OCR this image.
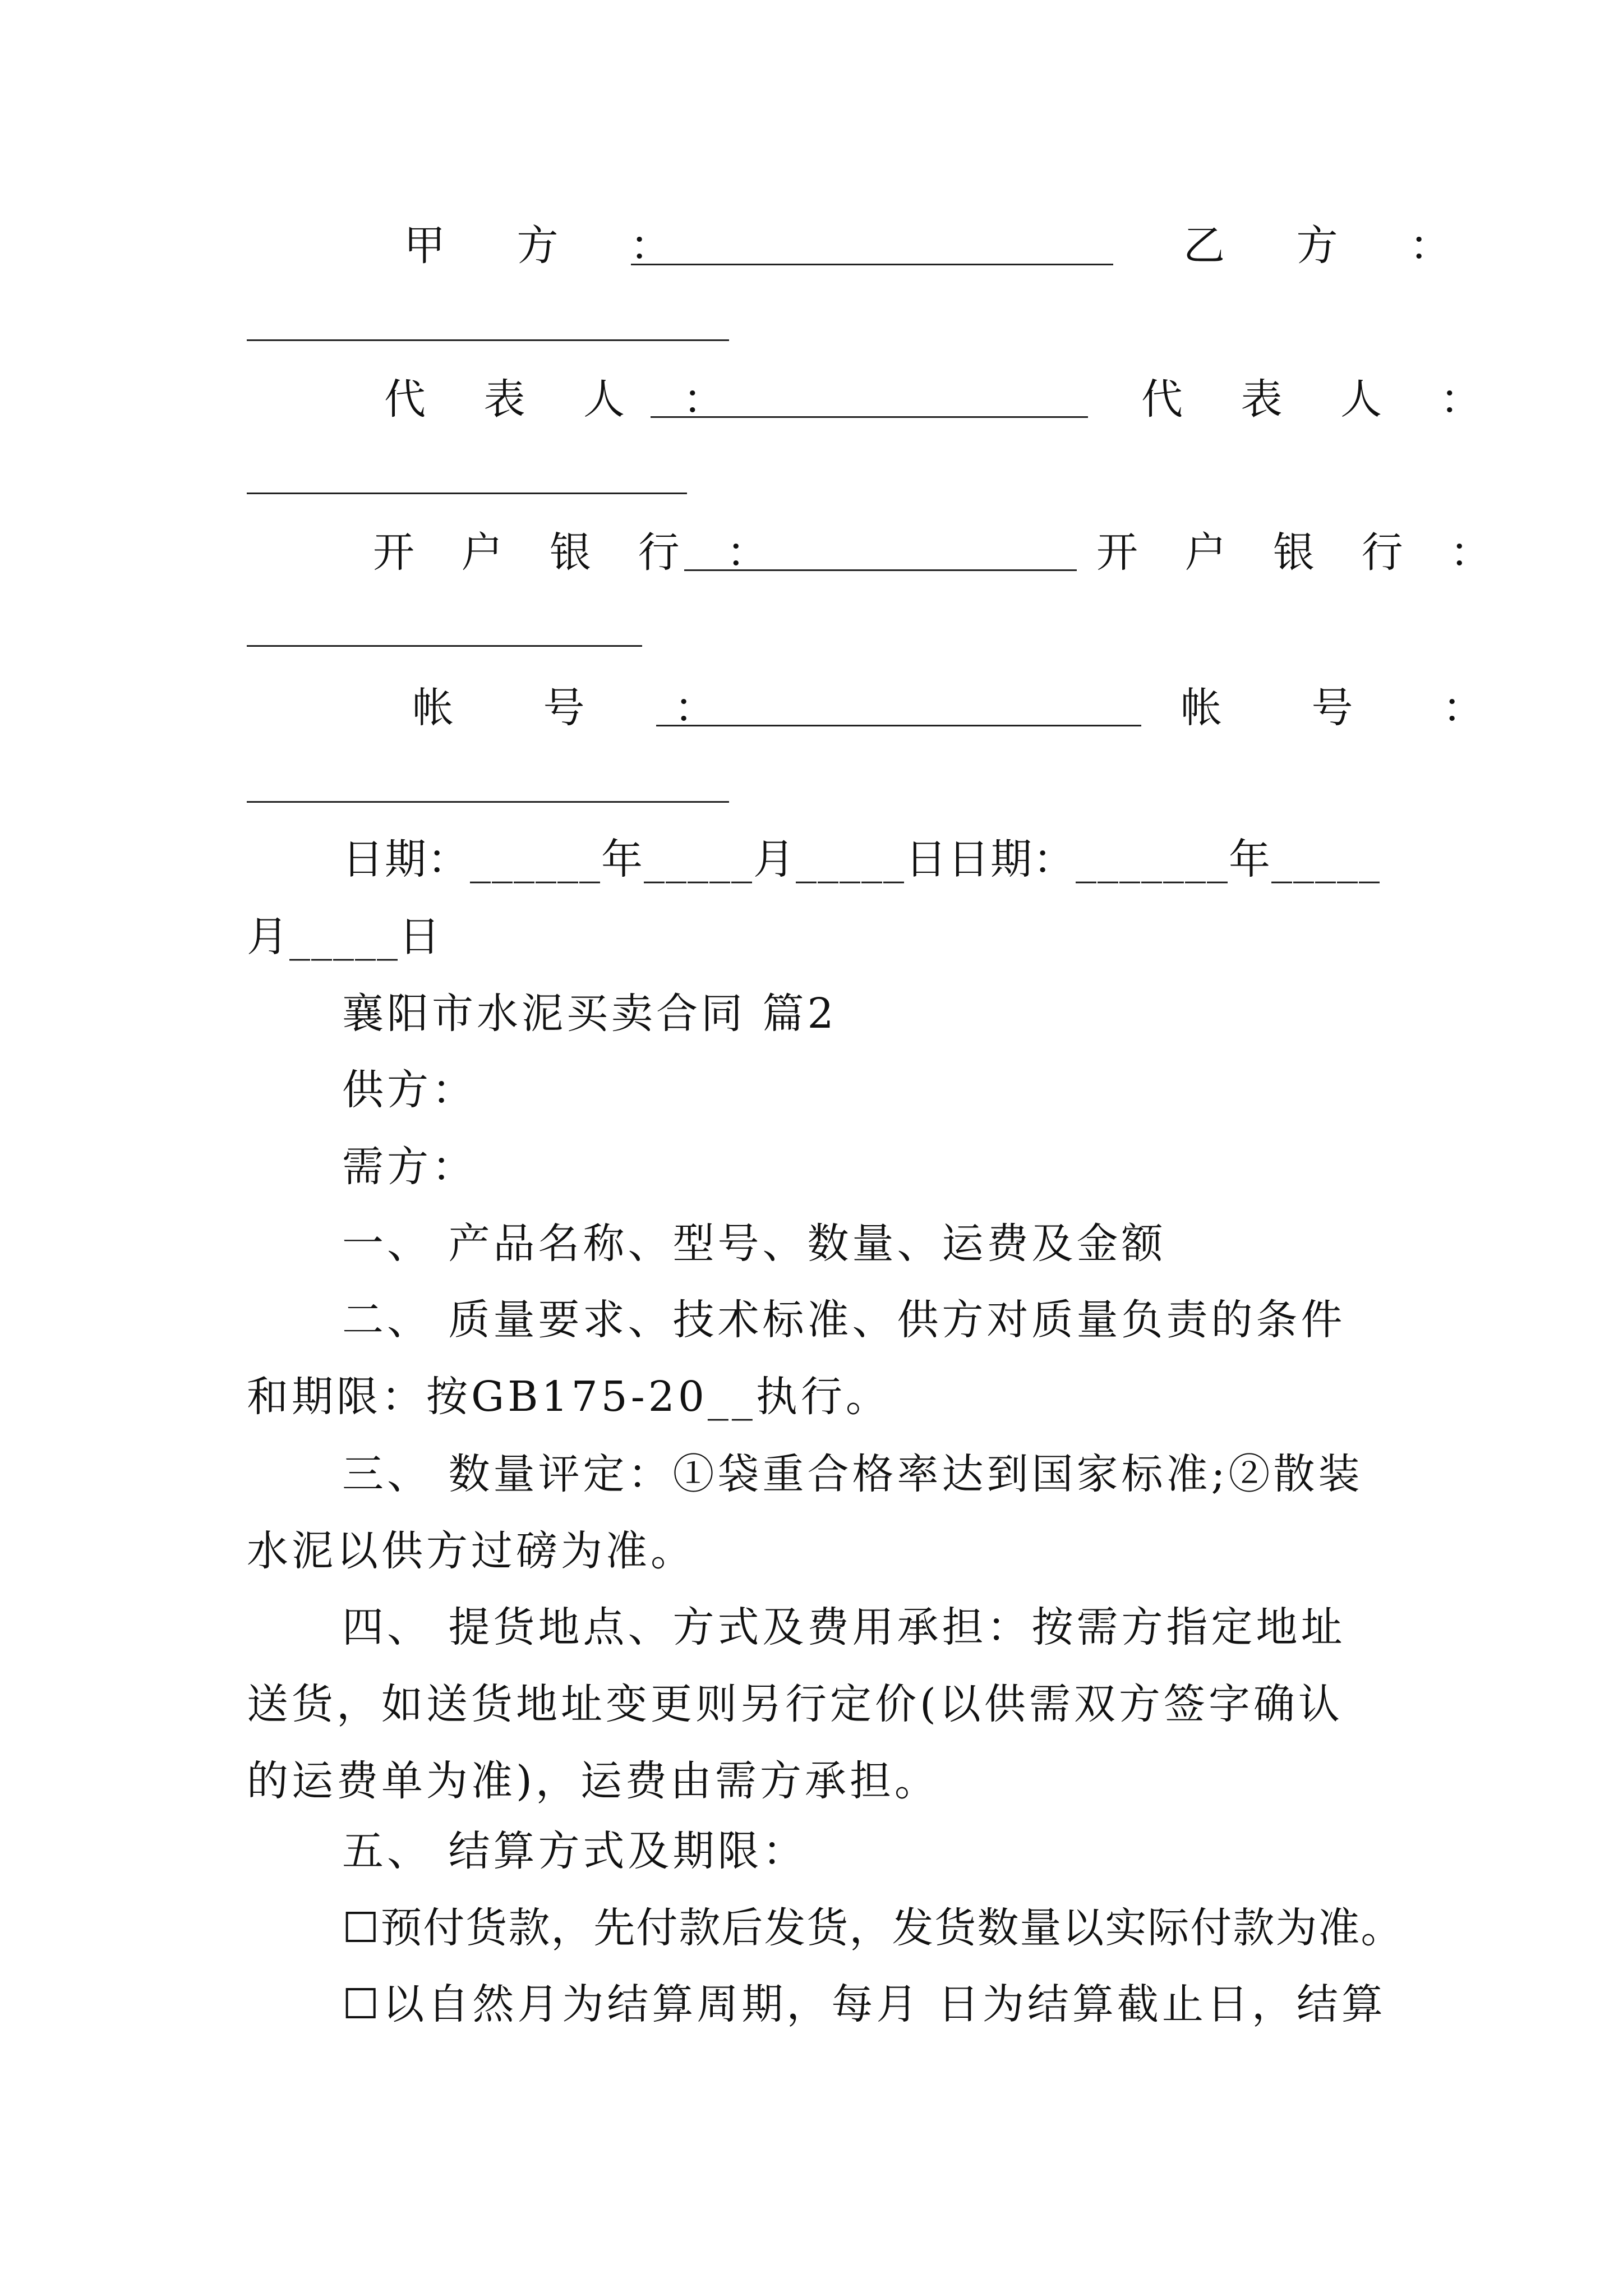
甲 方 ：	乙 方 ：
代 表 人 ：	代 表 人 ：
开 户 银 行 ：	开 户 银 行 ：
帐 号 ：	帐 号 ：
日期：______年_____月_____日日期：_______年_____
月_____日
襄阳市水泥买卖合同 篇2
供方：
需方：
一、 产品名称、型号、数量、运费及金额
二、 质量要求、技术标准、供方对质量负责的条件和期限：按GB175-20__执行。
三、 数量评定：①袋重合格率达到国家标准;②散装水泥以供方过磅为准。
四、 提货地点、方式及费用承担：按需方指定地址送货，如送货地址变更则另行定价(以供需双方签字确认的运费单为准)，运费由需方承担。
五、 结算方式及期限：
☐预付货款，先付款后发货，发货数量以实际付款为准。
☐以自然月为结算周期，每月 日为结算截止日，结算
